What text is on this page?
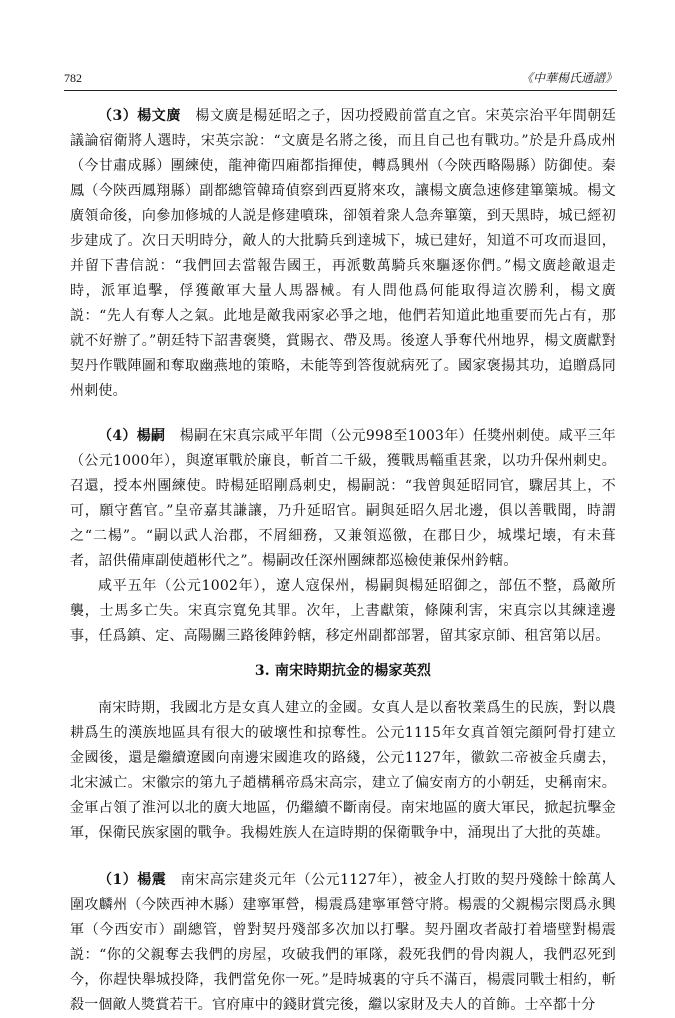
782	《中華楊氏通譜》

（3）楊文廣　 楊文廣是楊延昭之子，因功授殿前當直之官。宋英宗治平年間朝廷議論宿衛將人選時，宋英宗說：“文廣是名將之後，而且自己也有戰功。”於是升爲成州（今甘肅成縣）團練使，龍神衛四廂都指揮使，轉爲興州（今陝西略陽縣）防御使。秦鳳（今陝西鳳翔縣）副都總管韓琦偵察到西夏將來攻，讓楊文廣急速修建篳篥城。楊文廣領命後，向參加修城的人説是修建噴珠，卻領着衆人急奔篳篥，到天黑時，城已經初步建成了。次日天明時分，敵人的大批騎兵到達城下，城已建好，知道不可攻而退回，并留下書信説：“我們回去當報告國王，再派數萬騎兵來驅逐你們。”楊文廣趁敵退走時，派軍追擊，俘獲敵軍大量人馬器械。有人問他爲何能取得這次勝利，楊文廣説：“先人有奪人之氣。此地是敵我兩家必爭之地，他們若知道此地重要而先占有，那就不好辦了。”朝廷特下詔書褒奬，賞賜衣、帶及馬。後遼人爭奪代州地界，楊文廣獻對契丹作戰陣圖和奪取幽燕地的策略，未能等到答復就病死了。國家褒揚其功，追贈爲同州刺使。

（4）楊嗣　 楊嗣在宋真宗咸平年間（公元998至1003年）任獎州刺使。咸平三年（公元1000年），與遼軍戰於廉良，斬首二千級，獲戰馬輜重甚衆，以功升保州刺史。召還，授本州團練使。時楊延昭剛爲刺史，楊嗣説：“我曾與延昭同官，驟居其上，不可，願守舊官。”皇帝嘉其謙讓，乃升延昭官。嗣與延昭久居北邊，俱以善戰聞，時謂之“二楊”。“嗣以武人治郡，不屑細務，又兼領巡徼，在郡日少，城堞圮壊，有未葺者，詔供備庫副使趙彬代之”。楊嗣改任深州團練都巡檢使兼保州鈐轄。

咸平五年（公元1002年），遼人寇保州，楊嗣與楊延昭御之，部伍不整，爲敵所襲，士馬多亡失。宋真宗寬免其罪。次年，上書獻策，條陳利害，宋真宗以其練達邊事，任爲鎮、定、高陽關三路後陣鈐轄，移定州副都部署，留其家京師、租宮第以居。

3. 南宋時期抗金的楊家英烈

南宋時期，我國北方是女真人建立的金國。女真人是以畜牧業爲生的民族，對以農耕爲生的漢族地區具有很大的破壞性和掠奪性。公元1115年女真首領完顔阿骨打建立金國後，還是繼續遼國向南邊宋國進攻的路綫，公元1127年，徽欽二帝被金兵虜去，北宋滅亡。宋徽宗的第九子趙構稱帝爲宋高宗，建立了偏安南方的小朝廷，史稱南宋。金軍占領了淮河以北的廣大地區，仍繼續不斷南侵。南宋地區的廣大軍民，掀起抗擊金軍，保衛民族家園的戰争。我楊姓族人在這時期的保衛戰争中，涌現出了大批的英雄。

（1）楊震　 南宋高宗建炎元年（公元1127年），被金人打敗的契丹殘餘十餘萬人圍攻麟州（今陝西神木縣）建寧軍營，楊震爲建寧軍營守將。楊震的父親楊宗閔爲永興軍（今西安市）副總管，曾對契丹殘部多次加以打擊。契丹圍攻者敲打着墻壁對楊震説：“你的父親奪去我們的房屋，攻破我們的軍隊，殺死我們的骨肉親人，我們忍死到今，你趕快舉城投降，我們當免你一死。”是時城裏的守兵不滿百，楊震同戰士相約，斬殺一個敵人獎賞若干。官府庫中的錢財賞完後，繼以家財及夫人的首飾。士卒都十分
